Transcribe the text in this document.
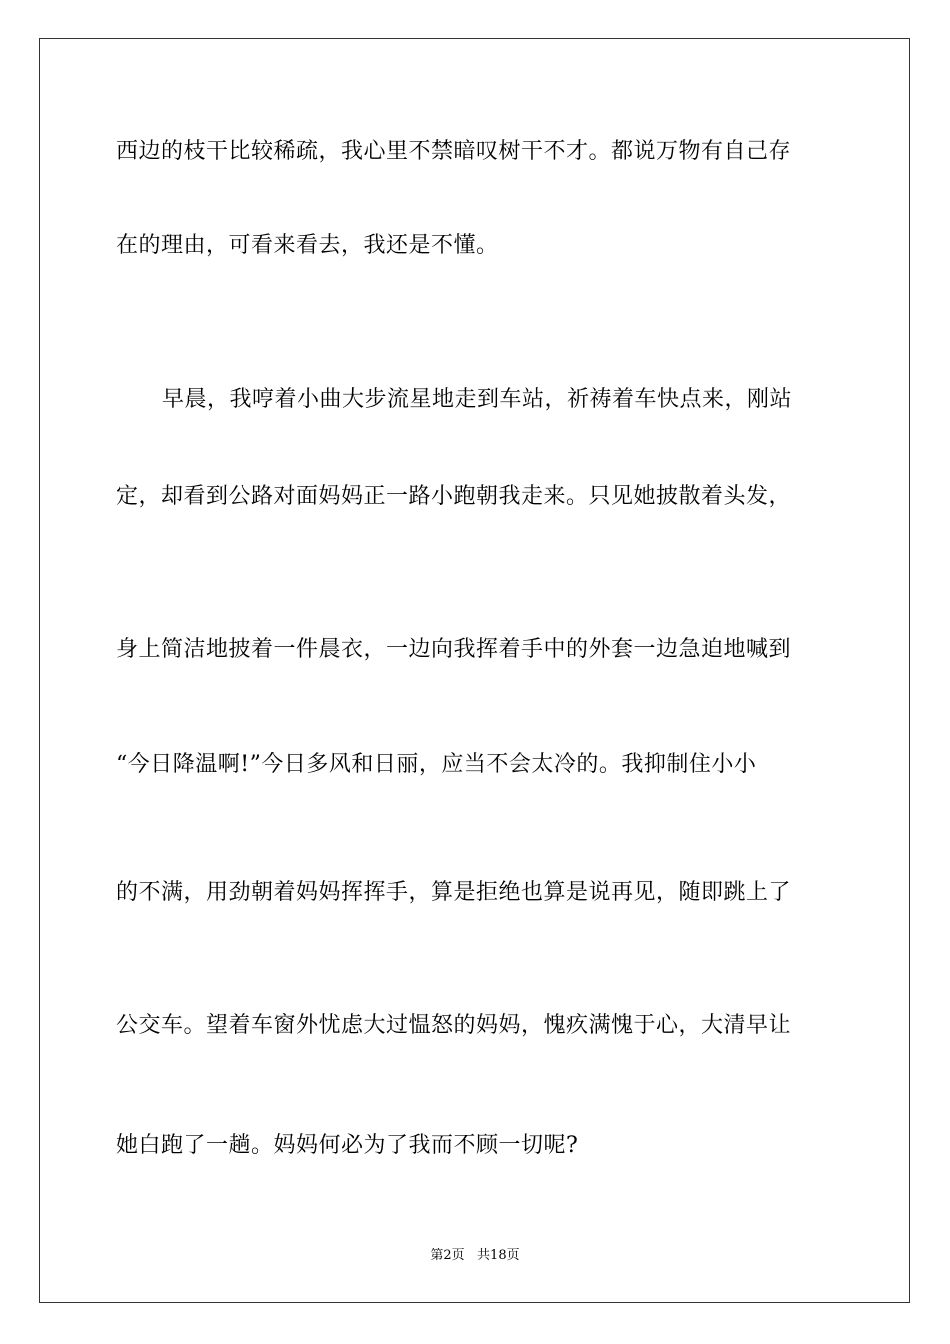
西边的枝干比较稀疏，我心里不禁暗叹树干不才。都说万物有自己存
在的理由，可看来看去，我还是不懂。
早晨，我哼着小曲大步流星地走到车站，祈祷着车快点来，刚站
定，却看到公路对面妈妈正一路小跑朝我走来。只见她披散着头发，
身上简洁地披着一件晨衣，一边向我挥着手中的外套一边急迫地喊到
“今日降温啊!”今日多风和日丽，应当不会太冷的。我抑制住小小
的不满，用劲朝着妈妈挥挥手，算是拒绝也算是说再见，随即跳上了
公交车。望着车窗外忧虑大过愠怒的妈妈，愧疚满愧于心，大清早让
她白跑了一趟。妈妈何必为了我而不顾一切呢?
第2页   共18页
